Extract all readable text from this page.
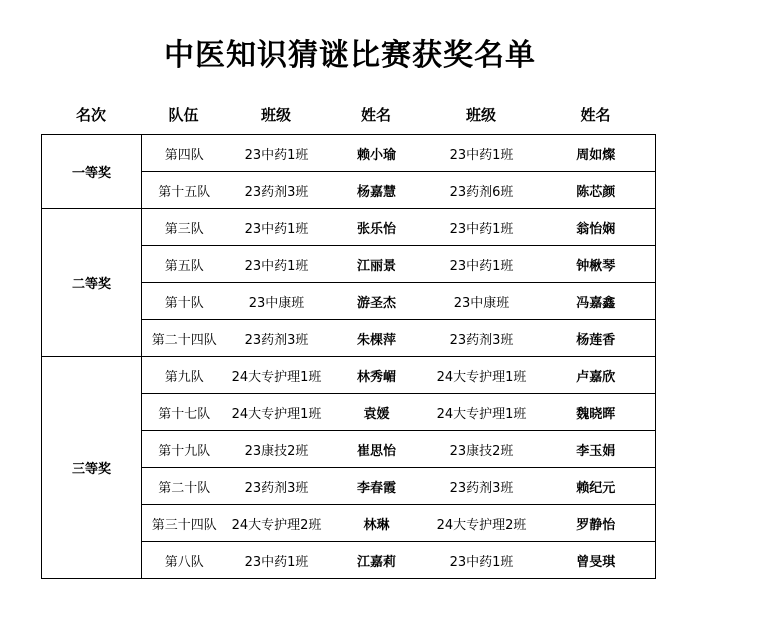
中医知识猜谜比赛获奖名单
名次	队伍	班级	姓名	班级	姓名
一等奖	第四队	23中药1班	赖小瑜	23中药1班	周如燦
	第十五队	23药剂3班	杨嘉慧	23药剂6班	陈芯颜
二等奖	第三队	23中药1班	张乐怡	23中药1班	翁怡娴
	第五队	23中药1班	江丽景	23中药1班	钟楸琴
	第十队	23中康班	游圣杰	23中康班	冯嘉鑫
	第二十四队	23药剂3班	朱棵萍	23药剂3班	杨莲香
三等奖	第九队	24大专护理1班	林秀嵋	24大专护理1班	卢嘉欣
	第十七队	24大专护理1班	袁媛	24大专护理1班	魏晓晖
	第十九队	23康技2班	崔思怡	23康技2班	李玉娟
	第二十队	23药剂3班	李春霞	23药剂3班	赖纪元
	第三十四队	24大专护理2班	林琳	24大专护理2班	罗静怡
	第八队	23中药1班	江嘉莉	23中药1班	曾旻琪
